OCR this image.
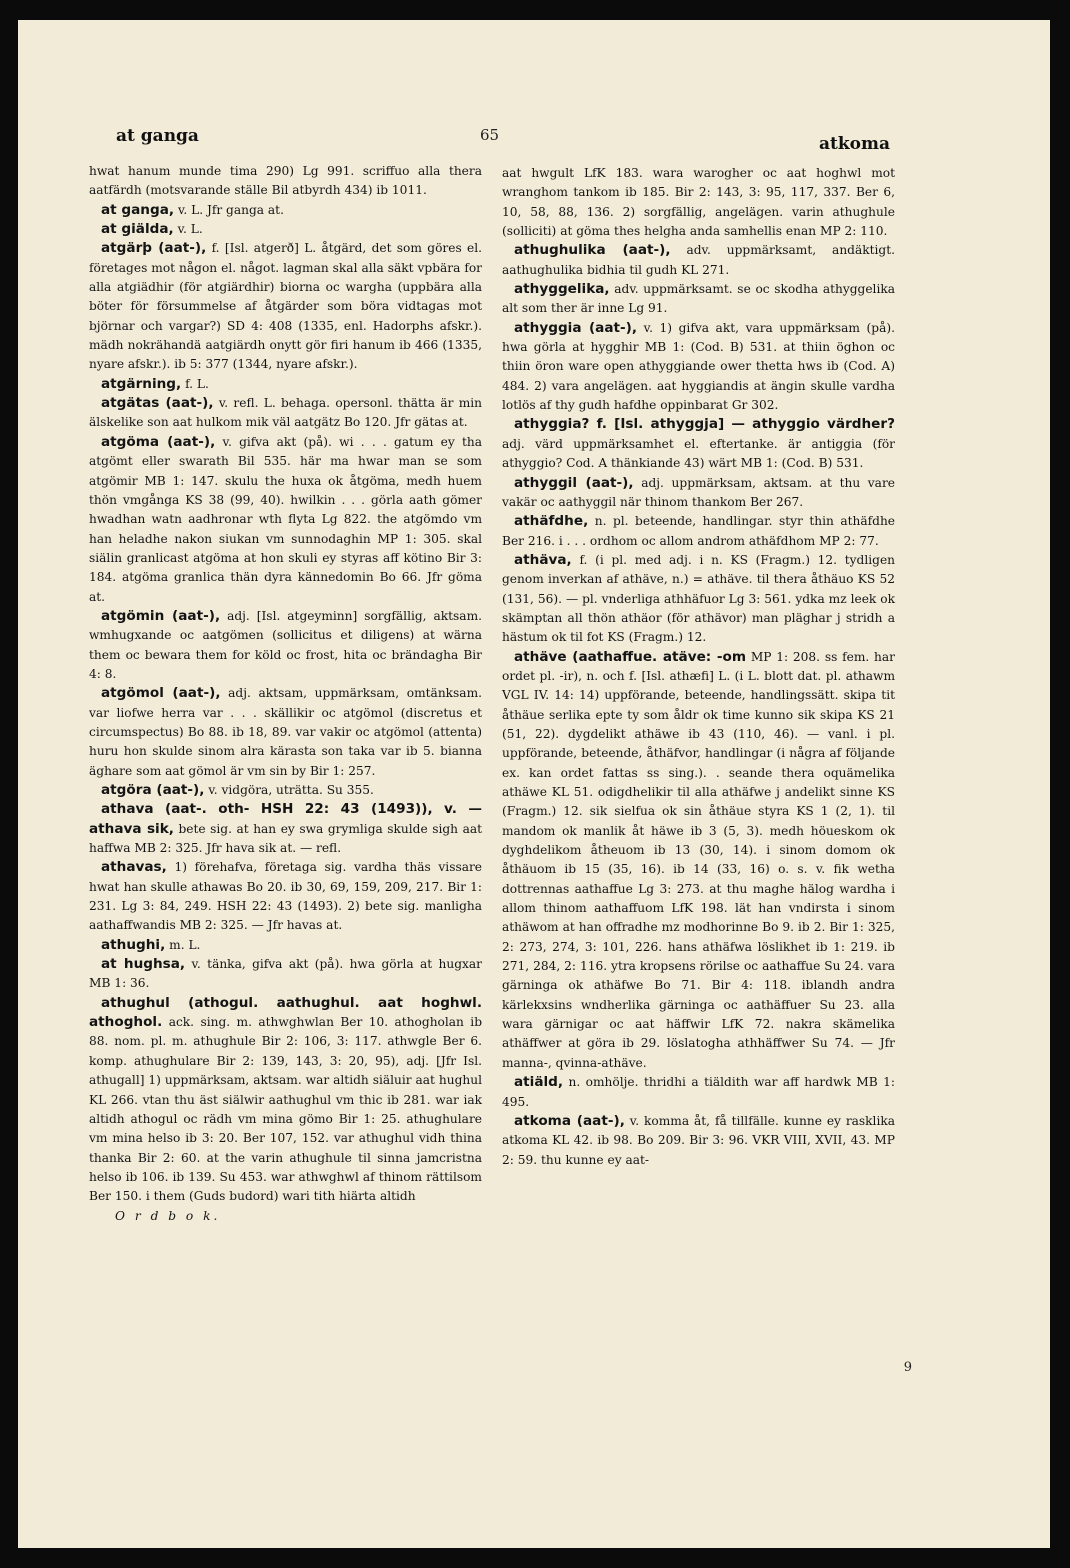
at ganga	65	atkoma

hwat hanum munde tima 290) Lg 991. scriffuo alla thera aatfärdh (motsvarande ställe Bil atbyrdh 434) ib 1011.

at ganga, v. L. Jfr ganga at.

at giälda, v. L.

atgärþ (aat-), f. [Isl. atgerð] L. åtgärd, det som göres el. företages mot någon el. något. lagman skal alla säkt vpbära for alla atgiädhir (för atgiärdhir) biorna oc wargha (uppbära alla böter för försummelse af åtgärder som böra vidtagas mot björnar och vargar?) SD 4: 408 (1335, enl. Hadorphs afskr.). mädh nokrähandä aatgiärdh onytt gör firi hanum ib 466 (1335, nyare afskr.). ib 5: 377 (1344, nyare afskr.).

atgärning, f. L.

atgätas (aat-), v. refl. L. behaga. opersonl. thätta är min älskelike son aat hulkom mik väl aatgätz Bo 120. Jfr gätas at.

atgöma (aat-), v. gifva akt (på). wi . . . gatum ey tha atgömt eller swarath Bil 535. här ma hwar man se som atgömir MB 1: 147. skulu the huxa ok åtgöma, medh huem thön vmgånga KS 38 (99, 40). hwilkin . . . görla aath gömer hwadhan watn aadhronar wth flyta Lg 822. the atgömdo vm han heladhe nakon siukan vm sunnodaghin MP 1: 305. skal siälin granlicast atgöma at hon skuli ey styras aff kötino Bir 3: 184. atgöma granlica thän dyra kännedomin Bo 66. Jfr göma at.

atgömin (aat-), adj. [Isl. atgeyminn] sorgfällig, aktsam. wmhugxande oc aatgömen (sollicitus et diligens) at wärna them oc bewara them for köld oc frost, hita oc brändagha Bir 4: 8.

atgömol (aat-), adj. aktsam, uppmärksam, omtänksam. var liofwe herra var . . . skällikir oc atgömol (discretus et circumspectus) Bo 88. ib 18, 89. var vakir oc atgömol (attenta) huru hon skulde sinom alra kärasta son taka var ib 5. bianna äghare som aat gömol är vm sin by Bir 1: 257.

atgöra (aat-), v. vidgöra, uträtta. Su 355.

athava (aat-. oth- HSH 22: 43 (1493)), v. — athava sik, bete sig. at han ey swa grymliga skulde sigh aat haffwa MB 2: 325. Jfr hava sik at. — refl.

athavas, 1) förehafva, företaga sig. vardha thäs vissare hwat han skulle athawas Bo 20. ib 30, 69, 159, 209, 217. Bir 1: 231. Lg 3: 84, 249. HSH 22: 43 (1493). 2) bete sig. manligha aathaffwandis MB 2: 325. — Jfr havas at.

athughi, m. L.

at hughsa, v. tänka, gifva akt (på). hwa görla at hugxar MB 1: 36.

athughul (athogul. aathughul. aat hoghwl. athoghol. ack. sing. m. athwghwlan Ber 10. athogholan ib 88. nom. pl. m. athughule Bir 2: 106, 3: 117. athwgle Ber 6. komp. athughulare Bir 2: 139, 143, 3: 20, 95), adj. [Jfr Isl. athugall] 1) uppmärksam, aktsam. war altidh siäluir aat hughul KL 266. vtan thu äst siälwir aathughul vm thic ib 281. war iak altidh athogul oc rädh vm mina gömo Bir 1: 25. athughulare vm mina helso ib 3: 20. Ber 107, 152. var athughul vidh thina thanka Bir 2: 60. at the varin athughule til sinna jamcristna helso ib 106. ib 139. Su 453. war athwghwl af thinom rättilsom Ber 150. i them (Guds budord) wari tith hiärta altidh

O r d b o k.

aat hwgult LfK 183. wara warogher oc aat hoghwl mot wranghom tankom ib 185. Bir 2: 143, 3: 95, 117, 337. Ber 6, 10, 58, 88, 136. 2) sorgfällig, angelägen. varin athughule (solliciti) at göma thes helgha anda samhellis enan MP 2: 110.

athughulika (aat-), adv. uppmärksamt, andäktigt. aathughulika bidhia til gudh KL 271.

athyggelika, adv. uppmärksamt. se oc skodha athyggelika alt som ther är inne Lg 91.

athyggia (aat-), v. 1) gifva akt, vara uppmärksam (på). hwa görla at hygghir MB 1: (Cod. B) 531. at thiin öghon oc thiin öron ware open athyggiande ower thetta hws ib (Cod. A) 484. 2) vara angelägen. aat hyggiandis at ängin skulle vardha lotlös af thy gudh hafdhe oppinbarat Gr 302.

athyggia? f. [Isl. athyggja] — athyggio värdher? adj. värd uppmärksamhet el. eftertanke. är antiggia (för athyggio? Cod. A thänkiande 43) wärt MB 1: (Cod. B) 531.

athyggil (aat-), adj. uppmärksam, aktsam. at thu vare vakär oc aathyggil när thinom thankom Ber 267.

athäfdhe, n. pl. beteende, handlingar. styr thin athäfdhe Ber 216. i . . . ordhom oc allom androm athäfdhom MP 2: 77.

athäva, f. (i pl. med adj. i n. KS (Fragm.) 12. tydligen genom inverkan af athäve, n.) = athäve. til thera åthäuo KS 52 (131, 56). — pl. vnderliga athhäfuor Lg 3: 561. ydka mz leek ok skämptan all thön athäor (för athävor) man pläghar j stridh a hästum ok til fot KS (Fragm.) 12.

athäve (aathaffue. atäve: -om MP 1: 208. ss fem. har ordet pl. -ir), n. och f. [Isl. athæfi] L. (i L. blott dat. pl. athawm VGL IV. 14: 14) uppförande, beteende, handlingssätt. skipa tit åthäue serlika epte ty som åldr ok time kunno sik skipa KS 21 (51, 22). dygdelikt athäwe ib 43 (110, 46). — vanl. i pl. uppförande, beteende, åthäfvor, handlingar (i några af följande ex. kan ordet fattas ss sing.). . seande thera oquämelika athäwe KL 51. odigdhelikir til alla athäfwe j andelikt sinne KS (Fragm.) 12. sik sielfua ok sin åthäue styra KS 1 (2, 1). til mandom ok manlik åt häwe ib 3 (5, 3). medh höueskom ok dyghdelikom åtheuom ib 13 (30, 14). i sinom domom ok åthäuom ib 15 (35, 16). ib 14 (33, 16) o. s. v. fik wetha dottrennas aathaffue Lg 3: 273. at thu maghe hälog wardha i allom thinom aathaffuom LfK 198. lät han vndirsta i sinom athäwom at han offradhe mz modhorinne Bo 9. ib 2. Bir 1: 325, 2: 273, 274, 3: 101, 226. hans athäfwa löslikhet ib 1: 219. ib 271, 284, 2: 116. ytra kropsens rörilse oc aathaffue Su 24. vara gärninga ok athäfwe Bo 71. Bir 4: 118. iblandh andra kärlekxsins wndherlika gärninga oc aathäffuer Su 23. alla wara gärnigar oc aat häffwir LfK 72. nakra skämelika athäffwer at göra ib 29. löslatogha athhäffwer Su 74. — Jfr manna-, qvinna-athäve.

atiäld, n. omhölje. thridhi a tiäldith war aff hardwk MB 1: 495.

atkoma (aat-), v. komma åt, få tillfälle. kunne ey rasklika atkoma KL 42. ib 98. Bo 209. Bir 3: 96. VKR VIII, XVII, 43. MP 2: 59. thu kunne ey aat-

9
